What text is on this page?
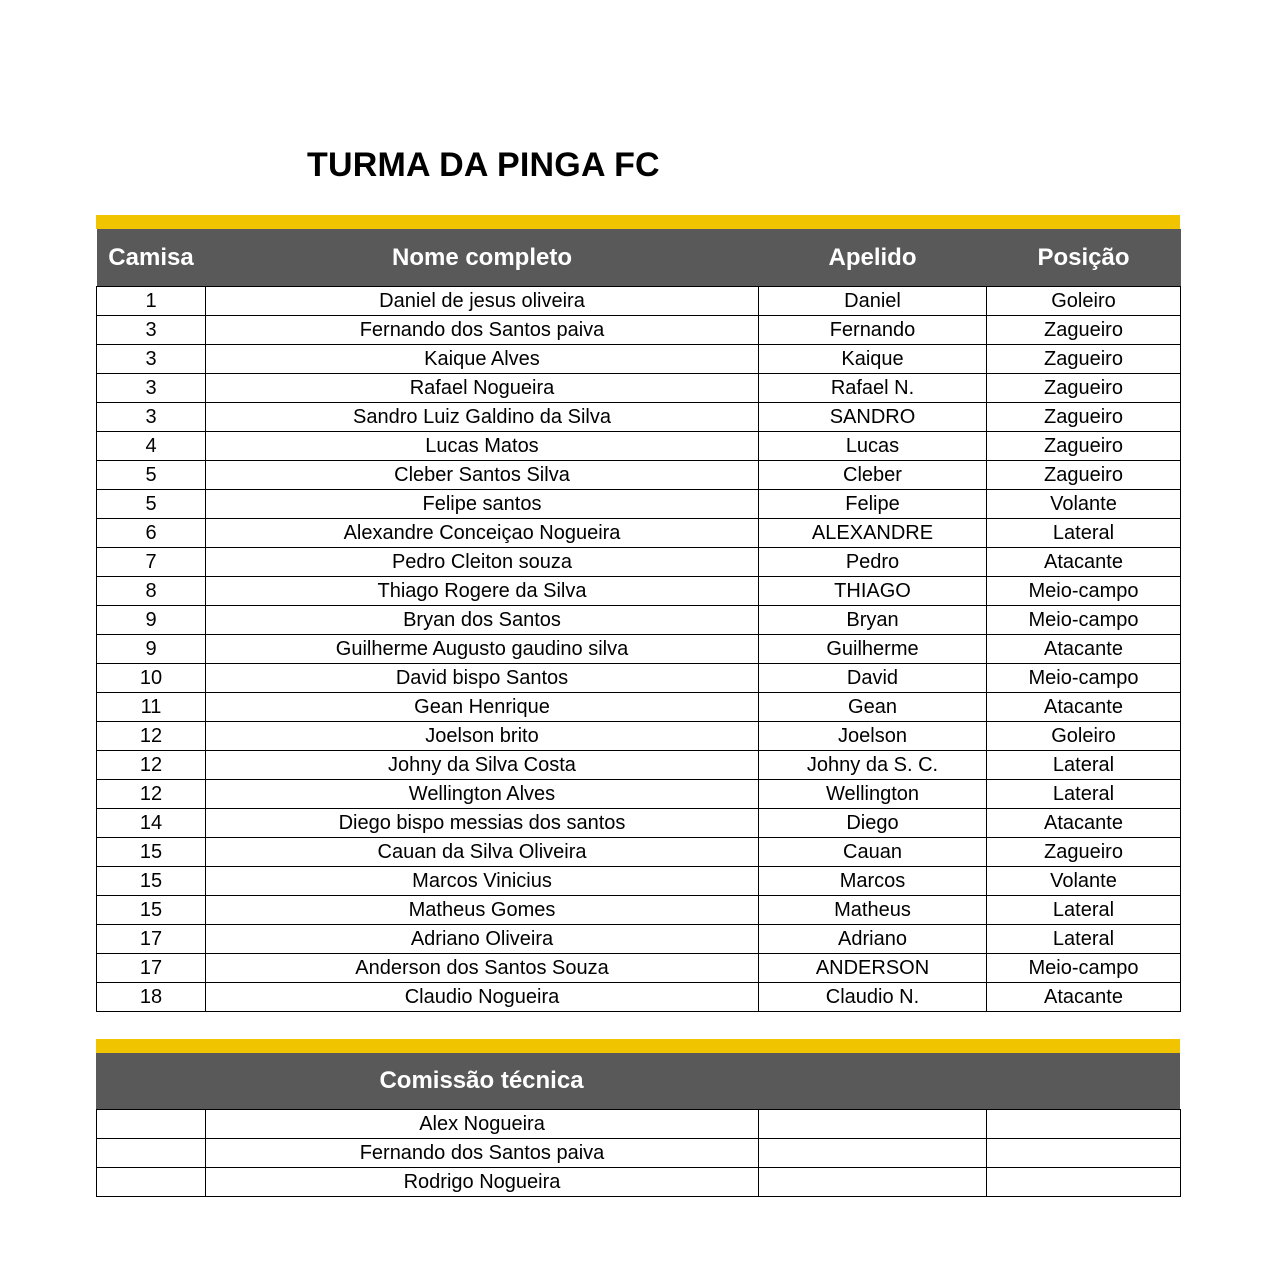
TURMA DA PINGA FC
Camisa	Nome completo	Apelido	Posição
1	Daniel de jesus oliveira	Daniel	Goleiro
3	Fernando dos Santos paiva	Fernando	Zagueiro
3	Kaique Alves	Kaique	Zagueiro
3	Rafael Nogueira	Rafael N.	Zagueiro
3	Sandro Luiz Galdino da Silva	SANDRO	Zagueiro
4	Lucas Matos	Lucas	Zagueiro
5	Cleber Santos Silva	Cleber	Zagueiro
5	Felipe santos	Felipe	Volante
6	Alexandre Conceiçao Nogueira	ALEXANDRE	Lateral
7	Pedro Cleiton souza	Pedro	Atacante
8	Thiago Rogere da Silva	THIAGO	Meio-campo
9	Bryan dos Santos	Bryan	Meio-campo
9	Guilherme Augusto gaudino silva	Guilherme	Atacante
10	David bispo Santos	David	Meio-campo
11	Gean Henrique	Gean	Atacante
12	Joelson brito	Joelson	Goleiro
12	Johny da Silva Costa	Johny da S. C.	Lateral
12	Wellington Alves	Wellington	Lateral
14	Diego bispo messias dos santos	Diego	Atacante
15	Cauan da Silva Oliveira	Cauan	Zagueiro
15	Marcos Vinicius	Marcos	Volante
15	Matheus Gomes	Matheus	Lateral
17	Adriano Oliveira	Adriano	Lateral
17	Anderson dos Santos Souza	ANDERSON	Meio-campo
18	Claudio Nogueira	Claudio N.	Atacante
Comissão técnica
	Alex Nogueira		
	Fernando dos Santos paiva		
	Rodrigo Nogueira		
